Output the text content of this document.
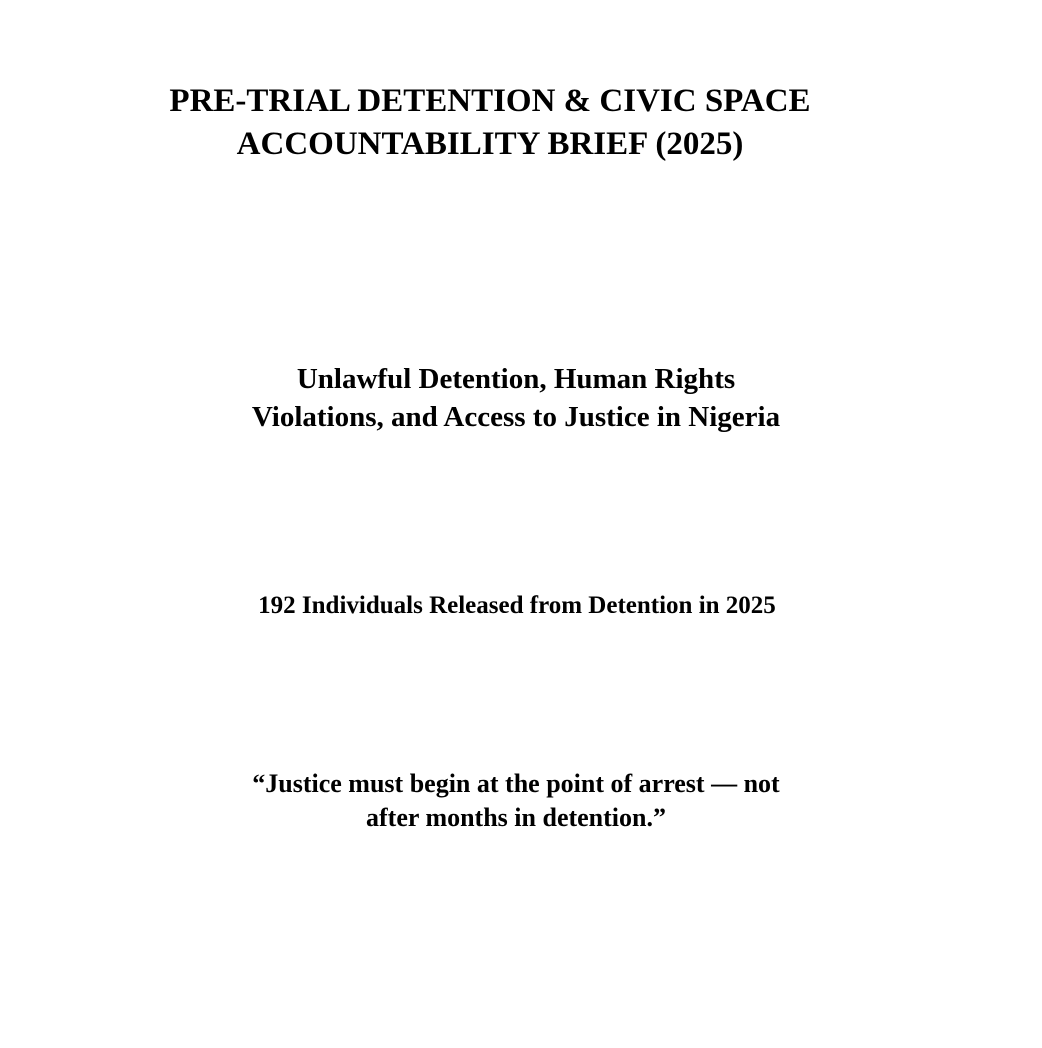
PRE-TRIAL DETENTION & CIVIC SPACE
ACCOUNTABILITY BRIEF (2025)
Unlawful Detention, Human Rights
Violations, and Access to Justice in Nigeria

192 Individuals Released from Detention in 2025

“Justice must begin at the point of arrest — not
after months in detention.”
